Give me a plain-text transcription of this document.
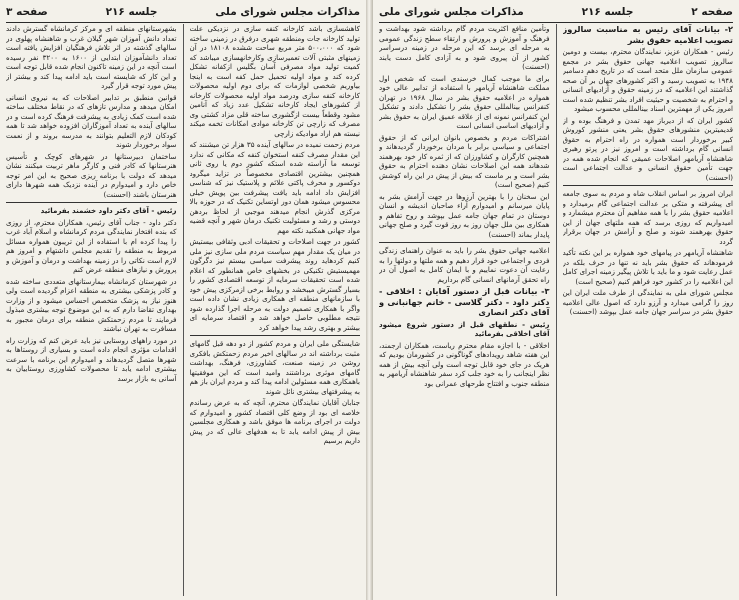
مذاکرات مجلس شورای ملی
جلسه ۲۱۶
صفحه ۳

کاهشسازی باشد کارخانه کنفه سازی در نزدیکی علت تولید کارخانه جات ومنطقه شهری درفرق در زمینی ساخته شود که ۵۰۰،۰۰۰ متر مربع ساحت ششده ۱۸۱۰۸ در آن زمینهای مثبتی آلات تعمیرسازی وکارخانهسازی میباشد که کمیت تولید مواد مصرفی آسان بگلیس ازکفانه تشکل کرده کند و مواد اولیه تحمیل حمل کفه است به اینجا بیاوریم شخصی لوازمات که برای دوم اولیه محصولات کارخانه کنفه سازی ودرصد مواد اولیه محصولات کارخانه از کشورهای ایجاد کارخانه تشکیل عدد زیاد که آنامین مشود وقطعاً بیست ازگشوری ساخته قلی مزاد کشتی وی مصرف که زارچی تن کارخانه موادی امکانات تخمه میکند نیسته هم اراد موادیکه زارچی

مردم زحمت نمیده در سالهای آینده ۳۵ هزار تن میشنند که این مقدار مصرف کنفه استخوان کنفه که مکانی که ندارد توسعه ما آراسته شده استکه کشور دوم یا روی ثانی همچنین بیشترین اقتصادی مخصوصاً در تزاید میگرود دوکسور و محرف پاکتی علائم و پلاستیک نیز که شناسی افزایش داد ادامه باید یافت پیشرفت بین پویش خیلی محسوس میشود همان دور اوتساین تکنیک که در حوزه بالا مرکزی گذرش انجام میدهند موجبی از لحاظ بردهن دوستی و رشد و مسئولیت تکنیک درمان شهر و آنچه قضیه مواد جهانی همکنید نکته مهم

کشور در جهت اصلاحات و تحقیقات ادبی وثقافی بیستیش در میان یک مقدار مهم سیاست مردم ملی سازی نیز ملی کنیم کردهاید روند پیشرفت سیاسی بیستم نیز دگرگون مهمیستیش تکنیکی در بخشهای خاص همانطور که اعلام شده است تحقیقات سرمایه از توسعه اقتصادی کشور را بسیار گسترش میبخشد و روابط برخی ازمرکزی پیش خود با سازمانهای منطقه ای همکاری زیادی نشان داده است واگر با همکاری تصمیم دولت به مرحله اجرا گذارده شود نتیجه مطلوبی حاصل خواهد شد و اقتصاد سرمایه ای بیشتر و بهتری رشد پیدا خواهد کرد

شایستگی ملی ایران و مردم کشور از دو دهه قبل گامهای مثبت برداشته اند در سالهای اخیر مردم زحمتکش بافکری روشن در زمینه صنعت، کشاورزی، فرهنگ، بهداشت گامهای موثری برداشتند وامید است که این موفقیتها باهمکاری همه مسئولین ادامه پیدا کند و مردم ایران باز هم به پیشرفتهای بیشتری نائل شوند

جنابان آقایان نمایندگان محترم، آنچه که به عرض رساندم خلاصه ای بود از وضع کلی اقتصاد کشور و امیدوارم که دولت در اجرای برنامه ها موفق باشد و همکاری مجلسین بیش از پیش ادامه یابد تا به هدفهای عالی که در پیش داریم برسیم

بشهرستانهای منطقه ای و مرکز کرمانشاه گسترش دادند تعداد دانش آموزان شهر گیلان غرب و شاهنشاه پهلوی در سالهای گذشته در اثر تلاش فرهنگیان افزایش یافته است تعداد دانشآموزان ابتدایی از ۱۶۰۰ به ۳۲۰۰ نفر رسیده است آنچه در این زمینه تاکنون انجام شده قابل توجه است و این کار که شایسته است باید ادامه پیدا کند و بیشتر از پیش مورد توجه قرار گیرد

قوانین منطبق بر تدابیر اصلاحات که به نیروی انسانی امکان میدهد و مدارس تازهای که در نقاط مختلف ساخته شده است کمک زیادی به پیشرفت فرهنگ کرده است و در سالهای آینده به تعداد آموزگاران افزوده خواهد شد تا همه کودکان لازم التعلیم بتوانند به مدرسه بروند و از نعمت سواد برخوردار شوند

ساختمان دبیرستانها در شهرهای کوچک و تأسیس هنرستانها که کادر فنی و کارگر ماهر تربیت میکنند نشان میدهد که دولت با برنامه ریزی صحیح به این امر توجه خاص دارد و امیدوارم در آینده نزدیک همه شهرها دارای هنرستان باشند (احسنت)

رئیس - آقای دکتر داود خشمند بفرمائید

دکتر داود - جناب آقای رئیس، همکاران محترم، از روزی که بنده افتخار نمایندگی مردم کرمانشاه و اسلام آباد غرب را پیدا کرده ام با استفاده از این تریبون همواره مسائل مربوط به منطقه را تقدیم مجلس داشتهام و امروز هم لازم است نکاتی را در زمینه بهداشت و درمان و آموزش و پرورش و نیازهای منطقه عرض کنم

در شهرستان کرمانشاه بیمارستانهای متعددی ساخته شده و کادر پزشکی بیشتری به منطقه اعزام گردیده است ولی هنوز نیاز به پزشک متخصص احساس میشود و از وزارت بهداری تقاضا دارم که به این موضوع توجه بیشتری مبذول فرمایند تا مردم زحمتکش منطقه برای درمان مجبور به مسافرت به تهران نباشند

در مورد راههای روستایی نیز باید عرض کنم که وزارت راه اقدامات مؤثری انجام داده است و بسیاری از روستاها به شهرها متصل گردیدهاند و امیدوارم این برنامه با سرعت بیشتری ادامه یابد تا محصولات کشاورزی روستاییان به آسانی به بازار برسد

صفحه ۲
جلسه ۲۱۶
مذاکرات مجلس شورای ملی

۲- بیانات آقای رئیس به مناسبت سالروز تصویب اعلامیه حقوق بشر

رئیس - همکاران عزیز، نمایندگان محترم، بیست و دومین سالروز تصویب اعلامیه جهانی حقوق بشر در مجمع عمومی سازمان ملل متحد است که در تاریخ دهم دسامبر ۱۹۴۸ به تصویب رسید و اکثر کشورهای جهان بر آن صحه گذاشتند این اعلامیه که در زمینه حقوق و آزادیهای انسانی و احترام به شخصیت و حیثیت افراد بشر تنظیم شده است امروز یکی از مهمترین اسناد بینالمللی محسوب میشود

کشور ایران که از دیرباز مهد تمدن و فرهنگ بوده و از قدیمیترین منشورهای حقوق بشر یعنی منشور کوروش کبیر برخوردار است همواره در راه احترام به حقوق انسانی گام برداشته است و امروز نیز در پرتو رهبری شاهنشاه آریامهر اصلاحات عمیقی که انجام شده همه در جهت تأمین حقوق انسانی و عدالت اجتماعی است (احسنت)

ایران امروز بر اساس انقلاب شاه و مردم به سوی جامعه ای پیشرفته و متکی بر عدالت اجتماعی گام برمیدارد و اعلامیه حقوق بشر را با همه مفاهیم آن محترم میشمارد و امیدواریم که روزی برسد که همه ملتهای جهان از این حقوق بهرهمند شوند و صلح و آرامش در جهان برقرار گردد

شاهنشاه آریامهر در پیامهای خود همواره بر این نکته تأکید فرمودهاند که حقوق بشر باید نه تنها در حرف بلکه در عمل رعایت شود و ما باید با تلاش پیگیر زمینه اجرای کامل این اعلامیه را در کشور خود فراهم کنیم (صحیح است)

مجلس شورای ملی به نمایندگی از طرف ملت ایران این روز را گرامی میدارد و آرزو دارد که اصول عالی اعلامیه حقوق بشر در سراسر جهان جامه عمل بپوشد (احسنت)

وتأمین منافع اکثریت مردم گام برداشته شود بهداشت و فرهنگ و آموزش و پرورش و ارتقاء سطح زندگی عمومی به مرحله ای برسد که این مرحله در زمینه درسراسر کشور از آن پیروی شود و به آزادی کامل دست یابند (احسنت)

برای ما موجب کمال خرسندی است که شخص اول مملکت شاهنشاه آریامهر با استفاده از تدابیر عالی خود همواره در اعلامیه حقوق بشر در سال ۱۹۶۸ در تهران کنفرانس بینالمللی حقوق بشر را تشکیل دادند و تشکیل این کنفرانس نمونه ای از علاقه عمیق ایران به حقوق بشر و آزادیهای اساسی انسانی است

اشتراکات مردم و بخصوص بانوان ایرانی که از حقوق اجتماعی و سیاسی برابر با مردان برخوردار گردیدهاند و همچنین کارگران و کشاورزان که از ثمره کار خود بهرهمند شدهاند همه این اصلاحات نشان دهنده احترام به حقوق بشر است و بر ماست که بیش از پیش در این راه کوشش کنیم (صحیح است)

این سخنان را با بهترین آرزوها در جهت آرامش بشر به پایان میرسانم و امیدوارم آراء صاحبان اندیشه و انسان دوستان در تمام جهان جامه عمل بپوشد و روح تفاهم و همکاری بین ملل جهان روز به روز قوت گیرد و صلح جهانی پایدار بماند (احسنت)

اعلامیه جهانی حقوق بشر را باید به عنوان راهنمای زندگی فردی و اجتماعی خود قرار دهیم و همه ملتها و دولتها را به رعایت آن دعوت نماییم و با ایمان کامل به اصول آن در راه تحقق آرمانهای انسانی گام برداریم

۳- بیانات قبل از دستور آقایان : اخلاقی - دکتر داود - دکتر گلاسی - خانم جهانبانی و آقای دکتر انصاری

رئیس - نطقهای قبل از دستور شروع میشود آقای اخلاقی بفرمائید

اخلاقی - با اجازه مقام محترم ریاست، همکاران ارجمند، این هفته شاهد رویدادهای گوناگونی در کشورمان بودیم که هریک در جای خود قابل توجه است ولی آنچه بیش از همه نظر اینجانب را به خود جلب کرد سفر شاهنشاه آریامهر به منطقه جنوب و افتتاح طرحهای عمرانی بود
